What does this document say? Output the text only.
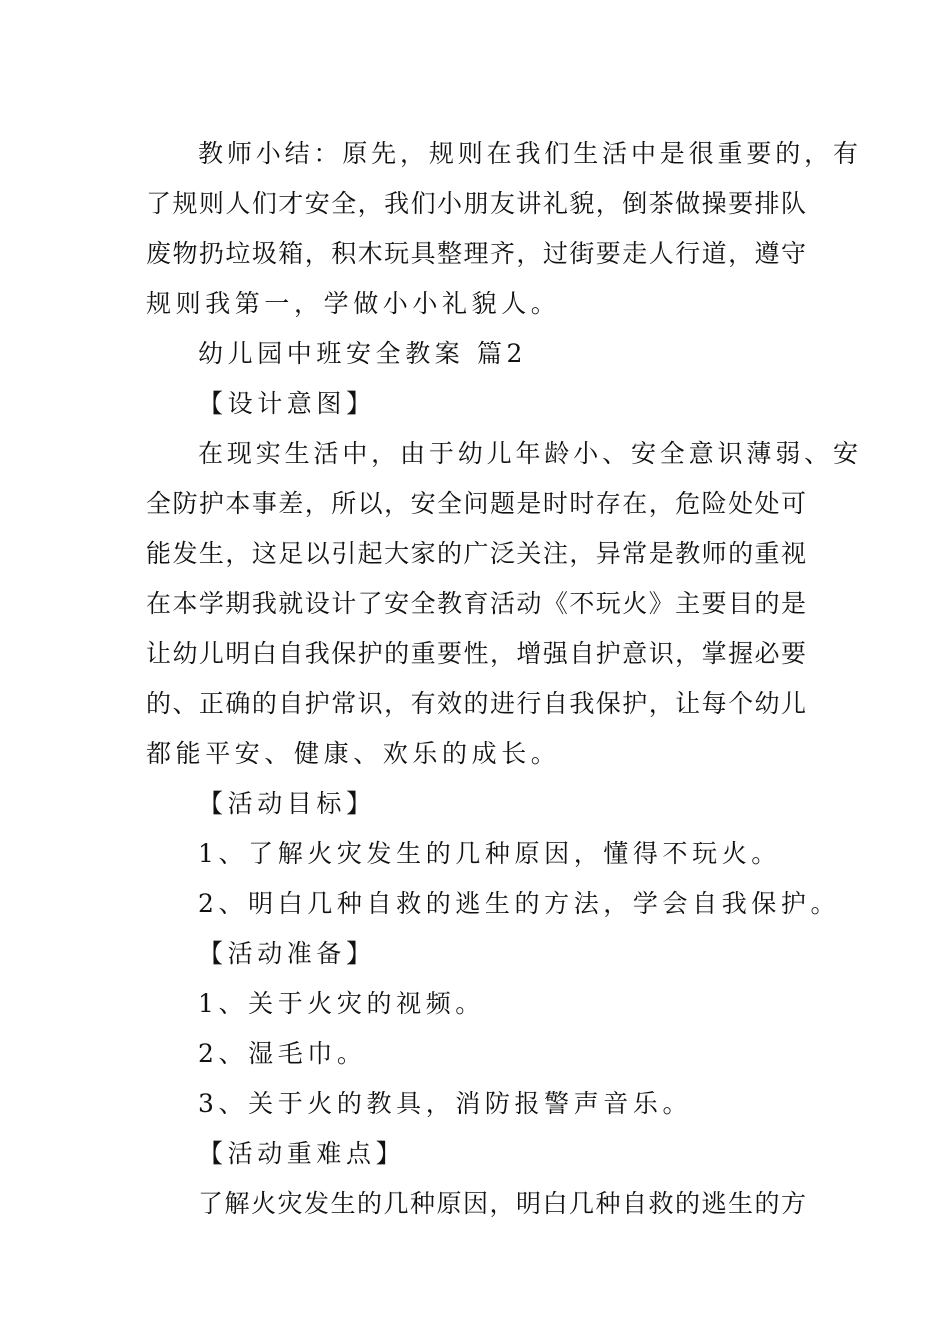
教师小结：原先，规则在我们生活中是很重要的，有
了规则人们才安全，我们小朋友讲礼貌，倒茶做操要排队
废物扔垃圾箱，积木玩具整理齐，过街要走人行道，遵守
规则我第一，学做小小礼貌人。
幼儿园中班安全教案 篇2
【设计意图】
在现实生活中，由于幼儿年龄小、安全意识薄弱、安
全防护本事差，所以，安全问题是时时存在，危险处处可
能发生，这足以引起大家的广泛关注，异常是教师的重视
在本学期我就设计了安全教育活动《不玩火》主要目的是
让幼儿明白自我保护的重要性，增强自护意识，掌握必要
的、正确的自护常识，有效的进行自我保护，让每个幼儿
都能平安、健康、欢乐的成长。
【活动目标】
1、了解火灾发生的几种原因，懂得不玩火。
2、明白几种自救的逃生的方法，学会自我保护。
【活动准备】
1、关于火灾的视频。
2、湿毛巾。
3、关于火的教具，消防报警声音乐。
【活动重难点】
了解火灾发生的几种原因，明白几种自救的逃生的方
